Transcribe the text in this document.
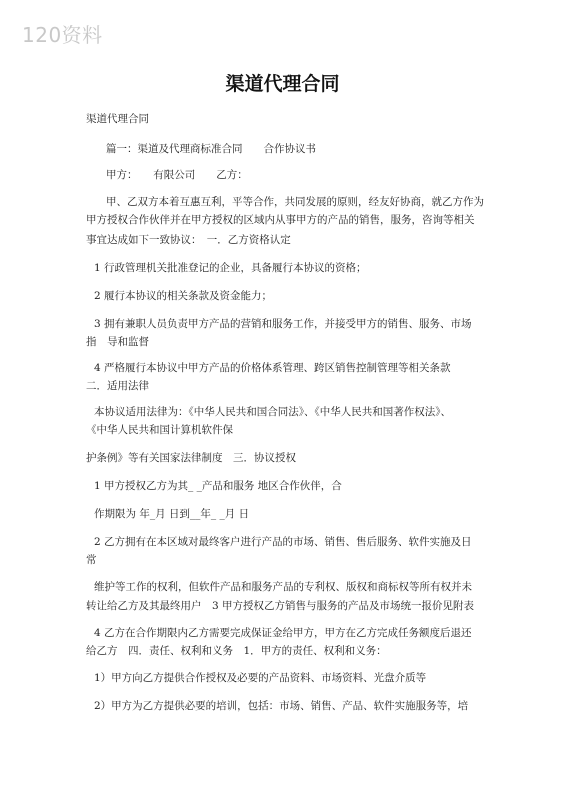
120资料
渠道代理合同
渠道代理合同
篇一：渠道及代理商标准合同　　合作协议书
甲方：　　有限公司　　乙方：
甲、乙双方本着互惠互利，平等合作，共同发展的原则，经友好协商，就乙方作为
甲方授权合作伙伴并在甲方授权的区域内从事甲方的产品的销售，服务，咨询等相关
事宜达成如下一致协议：　一．乙方资格认定
1 行政管理机关批准登记的企业，具备履行本协议的资格；
2 履行本协议的相关条款及资金能力；
3 拥有兼职人员负责甲方产品的营销和服务工作，并接受甲方的销售、服务、市场
指　导和监督
4 严格履行本协议中甲方产品的价格体系管理、跨区销售控制管理等相关条款
二．适用法律
本协议适用法律为：《中华人民共和国合同法》、《中华人民共和国著作权法》、
《中华人民共和国计算机软件保
护条例》等有关国家法律制度　三．协议授权
1 甲方授权乙方为其_ _产品和服务 地区合作伙伴，合
作期限为 年_月 日到__年_ _月 日
2 乙方拥有在本区域对最终客户进行产品的市场、销售、售后服务、软件实施及日
常
维护等工作的权利，但软件产品和服务产品的专利权、版权和商标权等所有权并未
转让给乙方及其最终用户　3 甲方授权乙方销售与服务的产品及市场统一报价见附表
4 乙方在合作期限内乙方需要完成保证金给甲方，甲方在乙方完成任务额度后退还
给乙方　四．责任、权利和义务　1．甲方的责任、权利和义务：
1）甲方向乙方提供合作授权及必要的产品资料、市场资料、光盘介质等
2）甲方为乙方提供必要的培训，包括：市场、销售、产品、软件实施服务等，培
